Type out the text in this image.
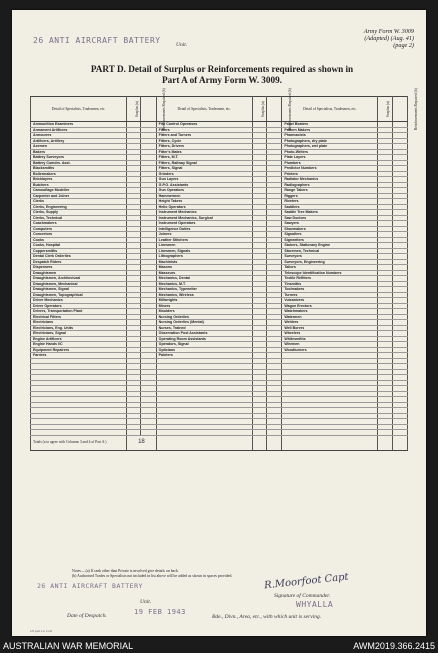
Army Form W. 3009
(Adapted) (Aug. 41)
(page 2)
26 ANTI AIRCRAFT BATTERY	Unit.
PART D. Detail of Surplus or Reinforcements required as shown in
Part A of Army Form W. 3009.
Detail of Specialists, Tradesmen, etc.	Surplus (a)	Reinforcements Required (b)	Detail of Specialists, Tradesmen, etc.	Surplus (a)	Reinforcements Required (b)	Detail of Specialists, Tradesmen, etc.	Surplus (a)	Reinforcements Required (b)
Ammunition Examiners			Fire Control Operators			Panel Beaters		
Armament Artificers			Fitters			Pattern Makers		
Armourers			Fitters and Turners			Pharmacists		
Artificers, Artillery			Fitters, Cycle			Photographers, dry plate		
Axemen			Fitters, Drivers			Photographers, wet plate		
Bakers			Fitter's Mates			Photo-Writers		
Battery Surveyors			Fitters, M.T.			Plate Layers		
Battery Comdrs. Asst.			Fitters, Railway Signal			Plumbers		
Blacksmiths			Fitters, Signal			Predictor Numbers		
Boilermakers			Grinders			Printers		
Bricklayers			Gun Layers			Radiator Mechanics		
Butchers			G.P.O. Assistants			Radiographers		
Camouflage Modeller			Gun Operators			Range Takers		
Carpenter and Joiner			Hammermen			Riggers		
Clerks			Height Takers			Riveters		
Clerks, Engineering			Helio Operators			Saddlers		
Clerks, Supply			Instrument Mechanics			Saddle Tree Makers		
Clerks, Technical			Instrument Mechanics, Surgical			Saw Doctors		
Coachmakers			Instrument Operators			Sawyers		
Computers			Intelligence Duties			Shoemakers		
Concretors			Joiners			Signallers		
Cooks			Leather Stitchers			Signwriters		
Cooks, Hospital			Linesmen			Stokers, Stationary Engine		
Coppersmiths			Linesmen, Signals			Storemen, Technical		
Dental Clerk Orderlies			Lithographers			Surveyors		
Despatch Riders			Machinists			Surveyors, Engineering		
Dispensers			Masons			Tailors		
Draughtsmen			Masseurs			Telescope Identification Numbers		
Draughtsmen, Architectural			Mechanics, Dental			Textile Refitters		
Draughtsmen, Mechanical			Mechanics, M.T.			Tinsmiths		
Draughtsmen, Signal			Mechanics, Typewriter			Toolmakers		
Draughtsmen, Topographical			Mechanics, Wireless			Turners		
Driver Mechanics			Millwrights			Vulcanizers		
Driver Operators			Miners			Wagon Erectors		
Drivers, Transportation Plant			Moulders			Watchmakers		
Electrical Fitters			Nursing Orderlies			Watermen		
Electricians			Nursing Orderlies (Mental)			Welders		
Electricians, Eng. Units			Nurses, Trained			Well Borers		
Electricians, Signal			Observation Post Assistants			Wheelers		
Engine Artificers			Operating Room Assistants			Whitesmiths		
Engine Hands I/C			Operators, Signal			Wiremen		
Equipment Repairers			Opticians			Woodturners		
Farriers			Painters					

Totals (a to agree with Columns 3 and 4 of Part A.)	18							
Notes.—(a) If rank other than Private is involved give details on back.
(b) Authorised Trades or Specialists not included in list above will be added as shown in spaces provided.
26 ANTI AIRCRAFT BATTERY
Unit.
R.Moorfoot Capt
Signature of Commander.
WHYALLA
Bde., Divn., Area, etc., with which unit is serving.
Date of Despatch.	19 FEB 1943
123 pads a w. 11/41
AUSTRALIAN WAR MEMORIAL	AWM2019.366.2415
